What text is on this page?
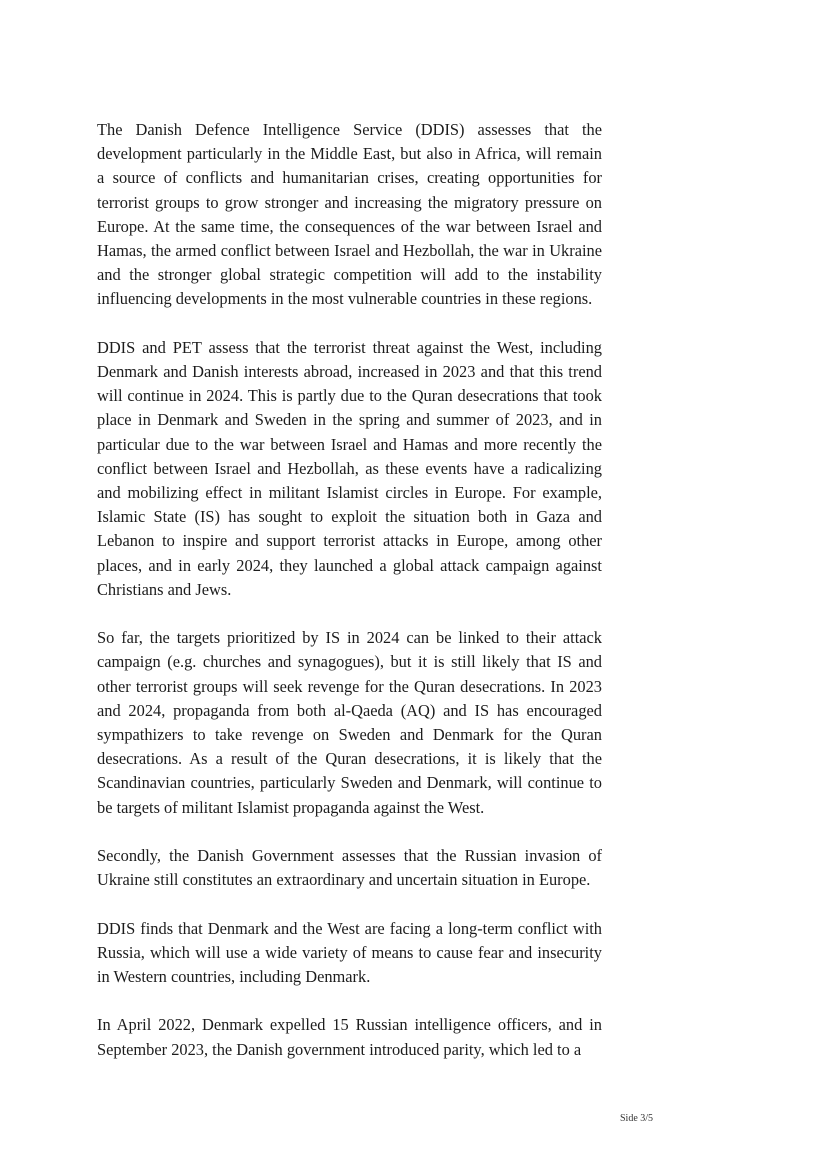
The Danish Defence Intelligence Service (DDIS) assesses that the development particularly in the Middle East, but also in Africa, will remain a source of conflicts and humanitarian crises, creating opportunities for terrorist groups to grow stronger and increasing the migratory pressure on Europe. At the same time, the consequences of the war between Israel and Hamas, the armed conflict between Israel and Hezbollah, the war in Ukraine and the stronger global strategic competition will add to the instability influencing developments in the most vulnerable countries in these regions.

DDIS and PET assess that the terrorist threat against the West, including Denmark and Danish interests abroad, increased in 2023 and that this trend will continue in 2024. This is partly due to the Quran desecrations that took place in Denmark and Sweden in the spring and summer of 2023, and in particular due to the war between Israel and Hamas and more recently the conflict between Israel and Hezbollah, as these events have a radicalizing and mobilizing effect in militant Islamist circles in Europe. For example, Islamic State (IS) has sought to exploit the situation both in Gaza and Lebanon to inspire and support terrorist attacks in Europe, among other places, and in early 2024, they launched a global attack campaign against Christians and Jews.

So far, the targets prioritized by IS in 2024 can be linked to their attack campaign (e.g. churches and synagogues), but it is still likely that IS and other terrorist groups will seek revenge for the Quran desecrations. In 2023 and 2024, propaganda from both al-Qaeda (AQ) and IS has encouraged sympathizers to take revenge on Sweden and Denmark for the Quran desecrations. As a result of the Quran desecrations, it is likely that the Scandinavian countries, particularly Sweden and Denmark, will continue to be targets of militant Islamist propaganda against the West.

Secondly, the Danish Government assesses that the Russian invasion of Ukraine still constitutes an extraordinary and uncertain situation in Europe.

DDIS finds that Denmark and the West are facing a long-term conflict with Russia, which will use a wide variety of means to cause fear and insecurity in Western countries, including Denmark.

In April 2022, Denmark expelled 15 Russian intelligence officers, and in September 2023, the Danish government introduced parity, which led to a

Side 3/5
